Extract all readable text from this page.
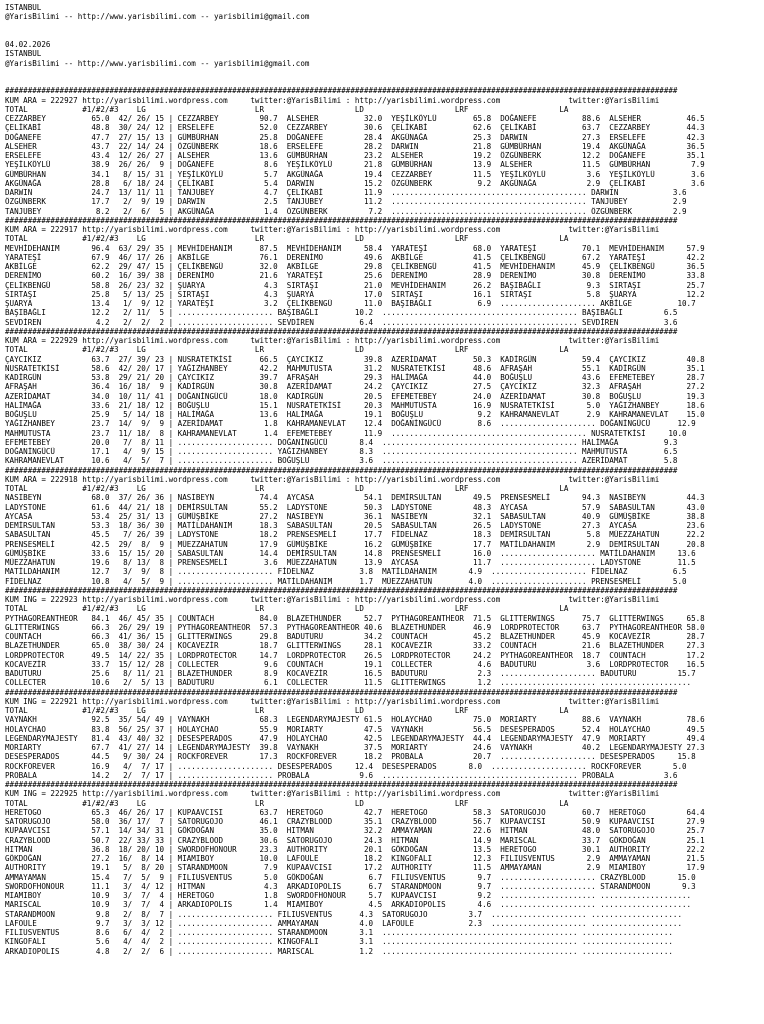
ISTANBUL
@YarisBilimi -- http://www.yarisbilimi.com -- yarisbilimi@gmail.com
04.02.2026
ISTANBUL
@YarisBilimi -- http://www.yarisbilimi.com -- yarisbilimi@gmail.com
####################################################################################################################################################
KUM ARA = 222927 http://yarisbilimi.wordpress.com     twitter:@YarisBilimi : http://yarisbilimi.wordpress.com               twitter:@YarisBilimi
TOTAL            #1/#2/#3    LG                        LR                    LD                    LRF                    LA
CEZZARBEY          65.0  42/ 26/ 15 | CEZZARBEY         90.7  ALSEHER          32.0  YEŞİLKÖYLÜ        65.8  DOĞANEFE          88.6  ALSEHER          46.5
ÇELİKABİ           48.8  30/ 24/ 12 | ERSELEFE          52.0  CEZZARBEY        30.6  ÇELİKABİ          62.6  ÇELİKABİ          63.7  CEZZARBEY        44.3
DOĞANEFE           47.7  27/ 15/ 13 | GÜMBÜRHAN         25.8  DOĞANEFE         28.4  AKGÜNAĞA          25.3  DARWIN            27.3  ERSELEFE         42.3
ALSEHER            43.7  22/ 14/ 24 | ÖZGÜNBERK         18.6  ERSELEFE         28.2  DARWIN            21.8  GÜMBÜRHAN         19.4  AKGÜNAĞA         36.5
ERSELEFE           43.4  12/ 26/ 27 | ALSEHER           13.6  GÜMBÜRHAN        23.2  ALSEHER           19.2  ÖZGÜNBERK         12.2  DOĞANEFE         35.1
YEŞİLKÖYLÜ         38.9  26/ 26/  9 | DOĞANEFE           8.6  YEŞİLKÖYLÜ       21.8  GÜMBÜRHAN         13.9  ALSEHER           11.5  GÜMBÜRHAN         7.9
GÜMBÜRHAN          34.1   8/ 15/ 31 | YEŞİLKÖYLÜ         5.7  AKGÜNAĞA         19.4  CEZZARBEY         11.5  YEŞİLKÖYLÜ         3.6  YEŞİLKÖYLÜ        3.6
AKGÜNAĞA           28.8   6/ 18/ 24 | ÇELİKABİ           5.4  DARWIN           15.2  ÖZGÜNBERK          9.2  AKGÜNAĞA           2.9  ÇELİKABİ          3.6
DARWIN             24.7  13/ 11/ 11 | TANJUBEY           4.7  ÇELİKABİ         11.9  ........................................... DARWIN            3.6
ÖZGÜNBERK          17.7   2/  9/ 19 | DARWIN             2.5  TANJUBEY         11.2  ........................................... TANJUBEY          2.9
TANJUBEY            8.2   2/  6/  5 | AKGÜNAĞA           1.4  ÖZGÜNBERK         7.2  ........................................... ÖZGÜNBERK         2.9
####################################################################################################################################################
KUM ARA = 222917 http://yarisbilimi.wordpress.com     twitter:@YarisBilimi : http://yarisbilimi.wordpress.com               twitter:@YarisBilimi
TOTAL            #1/#2/#3    LG                        LR                    LD                    LRF                    LA
MEVHİDEHANIM       96.4  63/ 29/ 35 | MEVHİDEHANIM      87.5  MEVHİDEHANIM     58.4  YARATEŞİ          68.0  YARATEŞİ          70.1  MEVHİDEHANIM     57.9
YARATEŞİ           67.9  46/ 17/ 26 | AKBİLGE           76.1  DERENİMO         49.6  AKBİLGE           41.5  ÇELİKBENGÜ        67.2  YARATEŞİ         42.2
AKBİLGE            62.2  29/ 47/ 15 | ÇELİKBENGÜ        32.0  AKBİLGE          29.8  ÇELİKBENGÜ        41.5  MEVHİDEHANIM      45.9  ÇELİKBENGÜ       36.5
DERENİMO           60.2  16/ 39/ 38 | DERENİMO          21.6  YARATEŞİ         25.6  DERENİMO          28.9  DERENİMO          30.8  DERENİMO         33.8
ÇELİKBENGÜ         58.8  26/ 23/ 32 | ŞUARYA             4.3  SIRTAŞI          21.0  MEVHİDEHANIM      26.2  BAŞIBAĞLI          9.3  SIRTAŞI          25.7
SIRTAŞI            25.8   5/ 13/ 25 | SIRTAŞI            4.3  ŞUARYA           17.0  SIRTAŞI           16.1  SIRTAŞI            5.8  ŞUARYA           12.2
ŞUARYA             13.4   1/  9/ 12 | YARATEŞİ           3.2  ÇELİKBENGÜ       11.0  BAŞIBAĞLI          6.9  ..................... AKBİLGE          10.7
BAŞIBAĞLI          12.2   2/ 11/  5 | ..................... BAŞIBAĞLI        10.2  ........................................... BAŞIBAĞLI         6.5
SEVDİREN            4.2   2/  2/  2 | ..................... SEVDİREN          6.4  ........................................... SEVDİREN          3.6
####################################################################################################################################################
KUM ARA = 222929 http://yarisbilimi.wordpress.com     twitter:@YarisBilimi : http://yarisbilimi.wordpress.com               twitter:@YarisBilimi
TOTAL            #1/#2/#3    LG                        LR                    LD                    LRF                    LA
ÇAYCIKIZ           63.7  27/ 39/ 23 | NUSRATETKİSİ      66.5  ÇAYCIKIZ         39.8  AZERİDAMAT        50.3  KADİRGÜN          59.4  ÇAYCIKIZ         40.8
NUSRATETKİSİ       58.6  42/ 20/ 17 | YAĞIZHANBEY       42.2  MAHMUTUSTA       31.2  NUSRATETKİSİ      48.6  AFRAŞAH           55.1  KADİRGÜN         35.1
KADİRGÜN           53.8  29/ 21/ 20 | ÇAYCIKIZ          39.7  AFRAŞAH          29.3  HALİMAĞA          44.0  BOĞUŞLU           43.6  EFEMETEBEY       28.7
AFRAŞAH            36.4  16/ 18/  9 | KADİRGÜN          30.8  AZERİDAMAT       24.2  ÇAYCIKIZ          27.5  ÇAYCIKIZ          32.3  AFRAŞAH          27.2
AZERİDAMAT         34.0  10/ 11/ 41 | DOĞANİNGÜCÜ       18.0  KADİRGÜN         20.5  EFEMETEBEY        24.0  AZERİDAMAT        30.8  BOĞUŞLU          19.3
HALİMAĞA           33.6  21/ 18/ 12 | BOĞUŞLU           15.1  NUSRATETKİSİ     20.3  MAHMUTUSTA        16.9  NUSRATETKİSİ       5.0  YAĞIZHANBEY      18.6
BOĞUŞLU            25.9   5/ 14/ 18 | HALİMAĞA          13.6  HALİMAĞA         19.1  BOĞUŞLU            9.2  KAHRAMANEVLAT      2.9  KAHRAMANEVLAT    15.0
YAĞIZHANBEY        23.7  14/  9/  9 | AZERİDAMAT         1.8  KAHRAMANEVLAT    12.4  DOĞANİNGÜCÜ        8.6  ..................... DOĞANİNGÜCÜ      12.9
MAHMUTUSTA         23.7  11/ 18/  8 | KAHRAMANEVLAT      1.4  EFEMETEBEY       11.9  ........................................... NUSRATETKİSİ     10.0
EFEMETEBEY         20.0   7/  8/ 11 | ..................... DOĞANİNGÜCÜ       8.4  ........................................... HALİMAĞA          9.3
DOĞANİNGÜCÜ        17.1   4/  9/ 15 | ..................... YAĞIZHANBEY       8.3  ........................................... MAHMUTUSTA        6.5
KAHRAMANEVLAT      10.6   4/  5/  7 | ..................... BOĞUŞLU           3.6  ........................................... AZERİDAMAT        5.8
####################################################################################################################################################
KUM ARA = 222918 http://yarisbilimi.wordpress.com     twitter:@YarisBilimi : http://yarisbilimi.wordpress.com               twitter:@YarisBilimi
TOTAL            #1/#2/#3    LG                        LR                    LD                    LRF                    LA
NASIBEYN           68.0  37/ 26/ 36 | NASIBEYN          74.4  AYCASA           54.1  DEMİRSULTAN       49.5  PRENSESMELİ       94.3  NASIBEYN         44.3
LADYSTONE          61.6  44/ 21/ 18 | DEMİRSULTAN       55.2  LADYSTONE        50.3  LADYSTONE         48.3  AYCASA            57.9  SABASULTAN       43.0
AYCASA             53.4  25/ 31/ 13 | GÜMÜŞBİKE         27.2  NASIBEYN         36.1  NASIBEYN          32.1  SABASULTAN        40.9  GÜMÜŞBİKE        38.8
DEMİRSULTAN        53.3  18/ 36/ 30 | MATİLDAHANIM      18.3  SABASULTAN       20.5  SABASULTAN        26.5  LADYSTONE         27.3  AYCASA           23.6
SABASULTAN         45.5   7/ 26/ 39 | LADYSTONE         18.2  PRENSESMELİ      17.7  FİDELNAZ          18.3  DEMİRSULTAN        5.8  MÜEZZAHATUN      22.2
PRENSESMELİ        42.5  29/  8/  9 | MÜEZZAHATUN       17.9  GÜMÜŞBİKE        16.2  GÜMÜŞBİKE         17.7  MATİLDAHANIM       2.9  DEMİRSULTAN      20.8
GÜMÜŞBİKE          33.6  15/ 15/ 20 | SABASULTAN        14.4  DEMİRSULTAN      14.8  PRENSESMELİ       16.0  ..................... MATİLDAHANIM     13.6
MÜEZZAHATUN        19.6   8/ 13/  8 | PRENSESMELİ        3.6  MÜEZZAHATUN      13.9  AYCASA            11.7  ..................... LADYSTONE        11.5
MATİLDAHANIM       12.7   3/  9/  8 | ..................... FİDELNAZ          3.8  MATİLDAHANIM       4.9  ..................... FİDELNAZ          6.5
FİDELNAZ           10.8   4/  5/  9 | ..................... MATİLDAHANIM      1.7  MÜEZZAHATUN        4.0  ..................... PRENSESMELİ       5.0
####################################################################################################################################################
KUM ING = 222923 http://yarisbilimi.wordpress.com     twitter:@YarisBilimi : http://yarisbilimi.wordpress.com               twitter:@YarisBilimi
TOTAL            #1/#2/#3    LG                        LR                    LD                    LRF                    LA
PYTHAGOREANTHEOR   84.1  46/ 45/ 35 | COUNTACH          84.0  BLAZETHUNDER     52.7  PYTHAGOREANTHEOR  71.5  GLITTERWINGS      75.7  GLITTERWINGS     65.8
GLITTERWINGS       66.3  26/ 29/ 19 | PYTHAGOREANTHEOR  57.3  PYTHAGOREANTHEOR 40.6  BLAZETHUNDER      46.9  LORDPROTECTOR     63.7  PYTHAGOREANTHEOR 58.0
COUNTACH           66.3  41/ 36/ 15 | GLITTERWINGS      29.8  BADUTURU         34.2  COUNTACH          45.2  BLAZETHUNDER      45.9  KOCAVEZİR        28.7
BLAZETHUNDER       65.0  38/ 30/ 24 | KOCAVEZİR         18.7  GLITTERWINGS     28.1  KOCAVEZİR         33.2  COUNTACH          21.6  BLAZETHUNDER     27.3
LORDPROTECTOR      49.5  14/ 22/ 35 | LORDPROTECTOR     14.7  LORDPROTECTOR    26.5  LORDPROTECTOR     24.2  PYTHAGOREANTHEOR  18.7  COUNTACH         17.2
KOCAVEZİR          33.7  15/ 12/ 28 | COLLECTER          9.6  COUNTACH         19.1  COLLECTER          4.6  BADUTURU           3.6  LORDPROTECTOR    16.5
BADUTURU           25.6   8/ 11/ 21 | BLAZETHUNDER       8.9  KOCAVEZİR        16.5  BADUTURU           2.3  ..................... BADUTURU         15.7
COLLECTER          10.6   2/  5/ 13 | BADUTURU           6.1  COLLECTER        11.5  GLITTERWINGS       1.2  ..................... ....................
####################################################################################################################################################
KUM ING = 222921 http://yarisbilimi.wordpress.com     twitter:@YarisBilimi : http://yarisbilimi.wordpress.com               twitter:@YarisBilimi
TOTAL            #1/#2/#3    LG                        LR                    LD                    LRF                    LA
VAYNAKH            92.5  35/ 54/ 49 | VAYNAKH           68.3  LEGENDARYMAJESTY 61.5  HOLAYCHAO         75.0  MORIARTY          88.6  VAYNAKH          78.6
HOLAYCHAO          83.8  56/ 25/ 37 | HOLAYCHAO         55.9  MORIARTY         47.5  VAYNAKH           56.5  DESESPERADOS      52.4  HOLAYCHAO        49.5
LEGENDARYMAJESTY   81.4  43/ 40/ 32 | DESESPERADOS      47.9  HOLAYCHAO        42.5  LEGENDARYMAJESTY  44.4  LEGENDARYMAJESTY  47.9  MORIARTY         49.4
MORIARTY           67.7  41/ 27/ 14 | LEGENDARYMAJESTY  39.8  VAYNAKH          37.5  MORIARTY          24.6  VAYNAKH           40.2  LEGENDARYMAJESTY 27.3
DESESPERADOS       44.5   9/ 30/ 24 | ROCKFOREVER       17.3  ROCKFOREVER      18.2  PROBALA           20.7  ..................... DESESPERADOS     15.8
ROCKFOREVER        16.9   4/  7/ 17 | ..................... DESESPERADOS     12.4  DESESPERADOS       8.0  ..................... ROCKFOREVER       5.0
PROBALA            14.2   2/  7/ 17 | ..................... PROBALA           9.6  ........................................... PROBALA           3.6
####################################################################################################################################################
KUM ING = 222925 http://yarisbilimi.wordpress.com     twitter:@YarisBilimi : http://yarisbilimi.wordpress.com               twitter:@YarisBilimi
TOTAL            #1/#2/#3    LG                        LR                    LD                    LRF                    LA
HERETOGO           65.3  46/ 26/ 17 | KUPAAVCISI        63.7  HERETOGO         42.7  HERETOGO          58.3  SATORUGOJO        60.7  HERETOGO         64.4
SATORUGOJO         58.0  36/ 17/  7 | SATORUGOJO        46.1  CRAZYBLOOD       35.1  CRAZYBLOOD        56.7  KUPAAVCISI        50.9  KUPAAVCISI       27.9
KUPAAVCISI         57.1  14/ 34/ 31 | GÖKDOĞAN          35.0  HITMAN           32.2  AMMAYAMAN         22.6  HITMAN            48.0  SATORUGOJO       25.7
CRAZYBLOOD         50.7  22/ 33/ 33 | CRAZYBLOOD        30.6  SATORUGOJO       24.3  HITMAN            14.9  MARISCAL          33.7  GÖKDOĞAN         25.1
HITMAN             36.8  18/ 20/ 10 | SWORDOFHONOUR     23.3  AUTHORITY        20.1  GÖKDOĞAN          13.5  HERETOGO          30.1  AUTHORITY        22.2
GÖKDOĞAN           27.2  16/  8/ 14 | MIAMIBOY          10.0  LAFOULE          18.2  KINGOFALI         12.3  FILIUSVENTUS       2.9  AMMAYAMAN        21.5
AUTHORITY          19.1   5/  8/ 20 | STARANDMOON        7.9  KUPAAVCISI       17.2  AUTHORITY         11.5  AMMAYAMAN          2.9  MIAMIBOY         17.9
AMMAYAMAN          15.4   7/  5/  9 | FILIUSVENTUS       5.0  GÖKDOĞAN          6.7  FILIUSVENTUS       9.7  ..................... CRAZYBLOOD       15.0
SWORDOFHONOUR      11.1   3/  4/ 12 | HITMAN             4.3  ARKADIOPOLIS      6.7  STARANDMOON        9.7  ..................... STARANDMOON       9.3
MIAMIBOY           10.9   3/  7/  4 | HERETOGO           1.8  SWORDOFHONOUR     5.7  KUPAAVCISI         9.2  ..................... ....................
MARISCAL           10.9   3/  7/  4 | ARKADIOPOLIS       1.4  MIAMIBOY          4.5  ARKADIOPOLIS       4.6  ..................... ....................
STARANDMOON         9.8   2/  8/  7 | ..................... FILIUSVENTUS      4.3  SATORUGOJO         3.7  ..................... ....................
LAFOULE             9.7   3/  3/ 12 | ..................... AMMAYAMAN         4.0  LAFOULE            2.3  ..................... ....................
FILIUSVENTUS        8.6   6/  4/  2 | ..................... STARANDMOON       3.1  ........................................... ....................
KINGOFALI           5.6   4/  4/  2 | ..................... KINGOFALI         3.1  ........................................... ....................
ARKADIOPOLIS        4.8   2/  2/  6 | ..................... MARISCAL          1.2  ........................................... ....................
